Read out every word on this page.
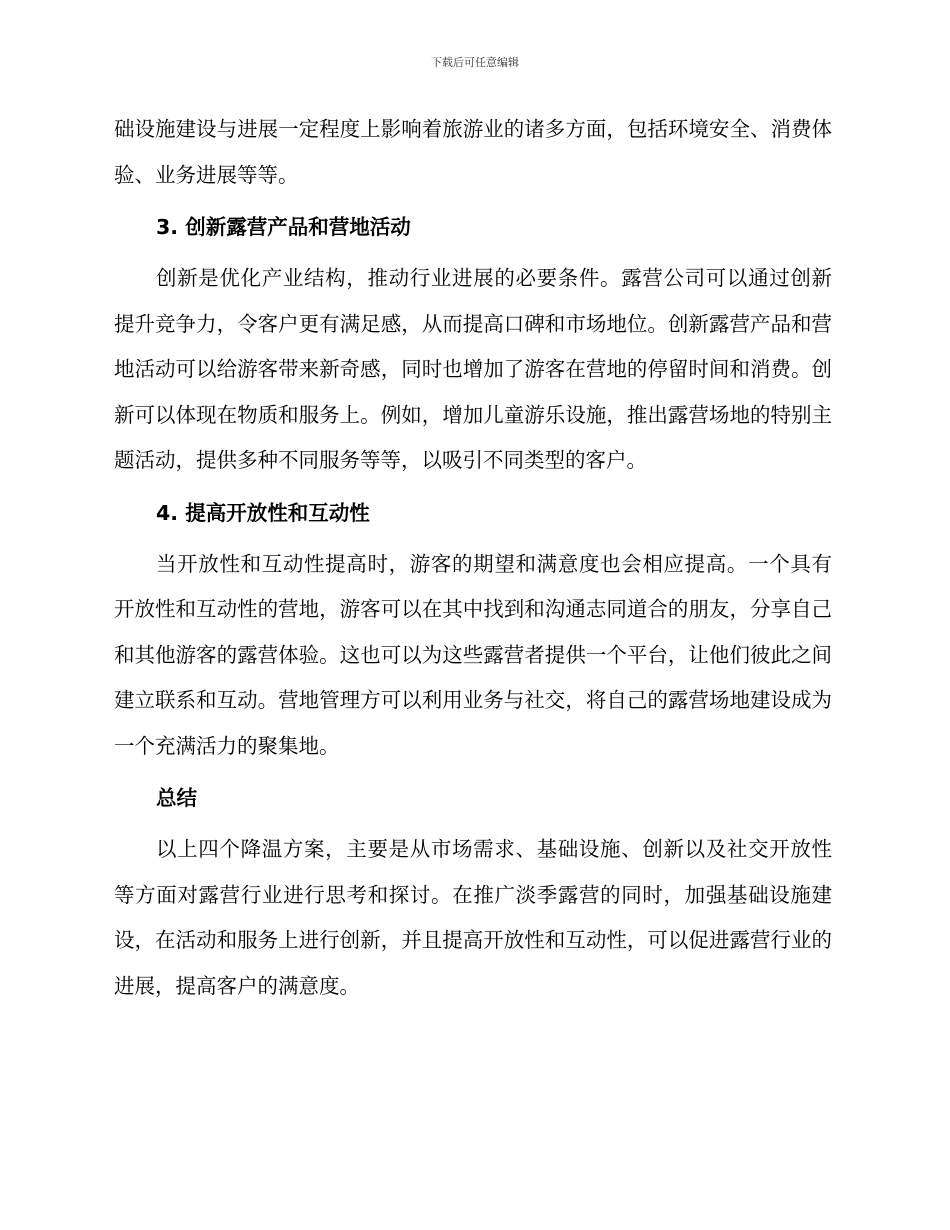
下载后可任意编辑

础设施建设与进展一定程度上影响着旅游业的诸多方面，包括环境安全、消费体验、业务进展等等。

3. 创新露营产品和营地活动

创新是优化产业结构，推动行业进展的必要条件。露营公司可以通过创新提升竞争力，令客户更有满足感，从而提高口碑和市场地位。创新露营产品和营地活动可以给游客带来新奇感，同时也增加了游客在营地的停留时间和消费。创新可以体现在物质和服务上。例如，增加儿童游乐设施，推出露营场地的特别主题活动，提供多种不同服务等等，以吸引不同类型的客户。

4. 提高开放性和互动性

当开放性和互动性提高时，游客的期望和满意度也会相应提高。一个具有开放性和互动性的营地，游客可以在其中找到和沟通志同道合的朋友，分享自己和其他游客的露营体验。这也可以为这些露营者提供一个平台，让他们彼此之间建立联系和互动。营地管理方可以利用业务与社交，将自己的露营场地建设成为一个充满活力的聚集地。

总结

以上四个降温方案，主要是从市场需求、基础设施、创新以及社交开放性等方面对露营行业进行思考和探讨。在推广淡季露营的同时，加强基础设施建设，在活动和服务上进行创新，并且提高开放性和互动性，可以促进露营行业的进展，提高客户的满意度。
